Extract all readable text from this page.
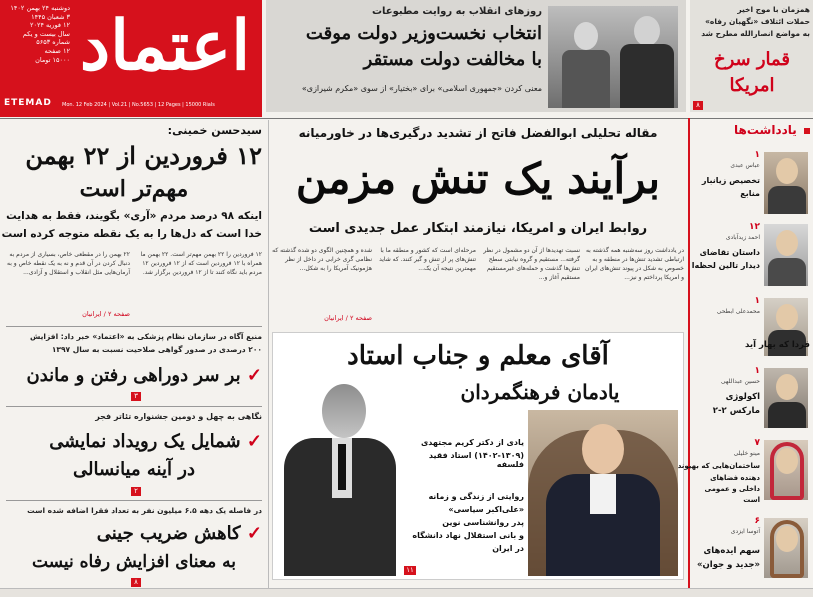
اعتماد
دوشنبه ۲۴ بهمن ۱۴۰۲
۳ شعبان ۱۴۴۵
۱۲ فوریه ۲۰۲۴
سال بیست و یکم
شماره ۵۶۵۳
۱۲ صفحه
۱۵۰۰۰ تومان
ETEMAD	Mon. 12 Feb 2024 | Vol.21 | No.5653 | 12 Pages | 15000 Rials
روزهای انقلاب به روایت مطبوعات
انتخاب نخست‌وزیر دولت موقت
با مخالفت دولت مستقر
معنی کردن «جمهوری اسلامی» برای «بختیار» از سوی «مکرم شیرازی»
همزمان با موج اخیر
حملات ائتلاف «نگهبان رفاه»
به مواضع انصارالله مطرح شد
قمار سرخ
امریکا
۸
سیدحسن خمینی:
۱۲ فروردین از ۲۲ بهمن
مهم‌تر است
اینکه ۹۸ درصد مردم «آری» بگویند، فقط به هدایت
خدا است که دل‌ها را به یک نقطه متوجه کرده است
۱۲ فروردین را ۲۲ بهمن مهم‌تر است. ۲۲ بهمن ما همراه با ۱۲ فروردین است که از ۱۲ فروردین ۱۲ مردم باید نگاه کنند تا از ۱۲ فروردین برگزار شد.
۲۲ بهمن را در مقطعی خاص، بسیاری از مردم به دنبال کردن در آن قدم و نه به یک نقطه خاص و به آرمان‌هایی مثل انقلاب و استقلال و آزادی...
صفحه ۲ / ایرانیان
منبع آگاه در سازمان نظام پزشکی به «اعتماد» خبر داد: افزایش
۲۰۰ درصدی در صدور گواهی صلاحیت نسبت به سال ۱۳۹۷
✓ بر سر دوراهی رفتن و ماندن
۳
نگاهی به چهل و دومین جشنواره تئاتر فجر
✓ شمایل یک رویداد نمایشی
در آینه میانسالی
۲
در فاصله یک دهه ۶.۵ میلیون نفر به تعداد فقرا اضافه شده است
✓ کاهش ضریب جینی
به معنای افزایش رفاه نیست
۸
مقاله تحلیلی ابوالفضل فاتح از تشدید درگیری‌ها در خاورمیانه
برآیند یک تنش مزمن
روابط ایران و امریکا، نیازمند ابتکار عمل جدیدی است
در یادداشت روز سه‌شنبه همه گذشته به ارتباطی تشدید تنش‌ها در منطقه و به خصوص به شکل در پیوند تنش‌های ایران و امریکا پرداختم و نیز...
نسبت تهدیدها از آن دو مشمول در نظر گرفته... مستقیم و گروه نیابتی سطح تنش‌ها گذشت و حمله‌های غیرمستقیم مستقیم آغاز و...
مرحله‌ای است که کشور و منطقه ما با تنش‌های پر از تنش و گیر کنند. که شاید مهمترین نتیجه آن یک...
شده و همچنین الگوی دو شده گذشته که نظامی گری خرابی در داخل از نظر هژمونیک آمریکا را به شکل...
صفحه ۲ / ایرانیان
آقای معلم و جناب استاد
یادمان فرهنگمردان
یادی از دکتر کریم مجتهدی
(۱۴۰۲-۱۳۰۹) استاد فقید فلسفه
روایتی از زندگی و زمانه
«علی‌اکبر سیاسی»
پدر روانشناسی نوین
و بانی استقلال نهاد دانشگاه
در ایران
۱۱
یادداشت‌ها
۱
عباس عبدی
تخصیص زیانبار
منابع
۱۲
احمد زیدآبادی
داستان تقاضای
دیدار تالین لحظه‌ا
۱
محمدعلی ابطحی
فردا که بهار آید
۱
حسین عبداللهی
اکولوژی
مارکس ۲-۲
۷
مینو خلیلی
ساختمان‌هایی که بهیوند
دهنده فضاهای داخلی و عمومی است
۶
آتوسا ایزدی
سهم ایده‌های
«جدید و جوان»
